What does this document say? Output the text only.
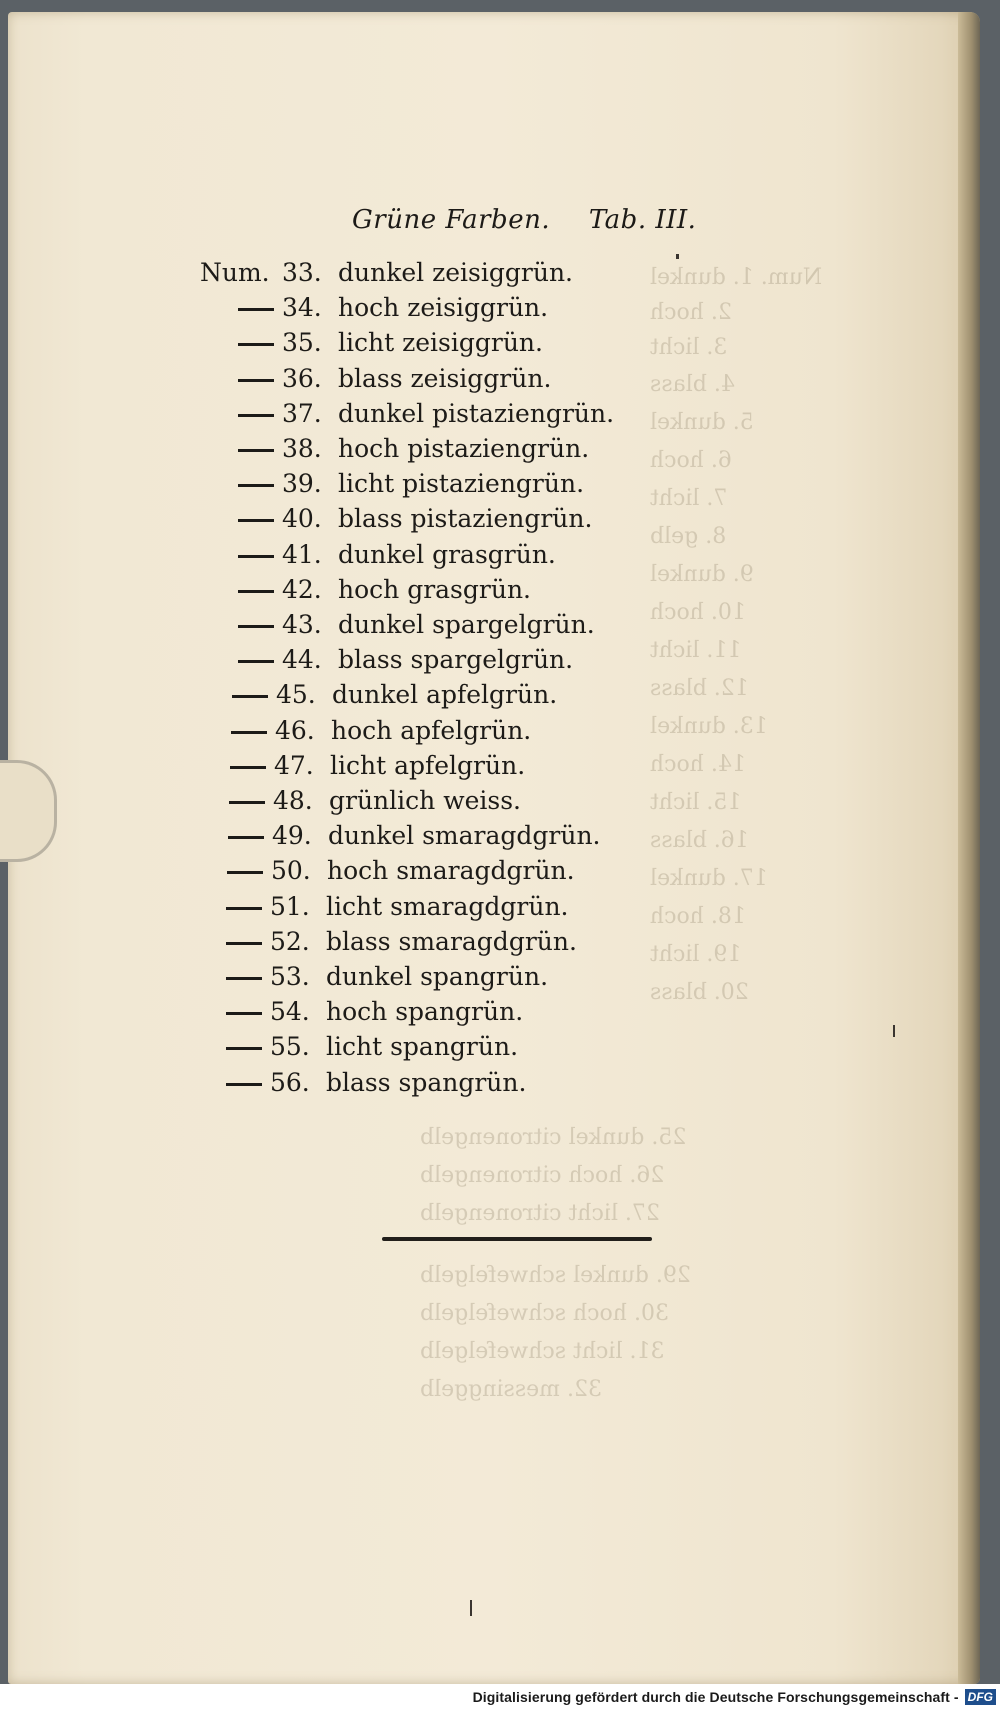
Num. 1. dunkel
2. hoch
3. licht
4. blass
5. dunkel
6. hoch
7. licht
8. gelb
9. dunkel
10. hoch
11. licht
12. blass
13. dunkel
14. hoch
15. licht
16. blass
17. dunkel
18. hoch
19. licht
20. blass
25. dunkel citronengelb
26. hoch citronengelb
27. licht citronengelb
29. dunkel schwefelgelb
30. hoch schwefelgelb
31. licht schwefelgelb
32. messinggelb
Grüne Farben. Tab. III.
Num. 33. dunkel zeisiggrün.
34. hoch zeisiggrün.
35. licht zeisiggrün.
36. blass zeisiggrün.
37. dunkel pistaziengrün.
38. hoch pistaziengrün.
39. licht pistaziengrün.
40. blass pistaziengrün.
41. dunkel grasgrün.
42. hoch grasgrün.
43. dunkel spargelgrün.
44. blass spargelgrün.
45. dunkel apfelgrün.
46. hoch apfelgrün.
47. licht apfelgrün.
48. grünlich weiss.
49. dunkel smaragdgrün.
50. hoch smaragdgrün.
51. licht smaragdgrün.
52. blass smaragdgrün.
53. dunkel spangrün.
54. hoch spangrün.
55. licht spangrün.
56. blass spangrün.
Digitalisierung gefördert durch die Deutsche Forschungsgemeinschaft - DFG
